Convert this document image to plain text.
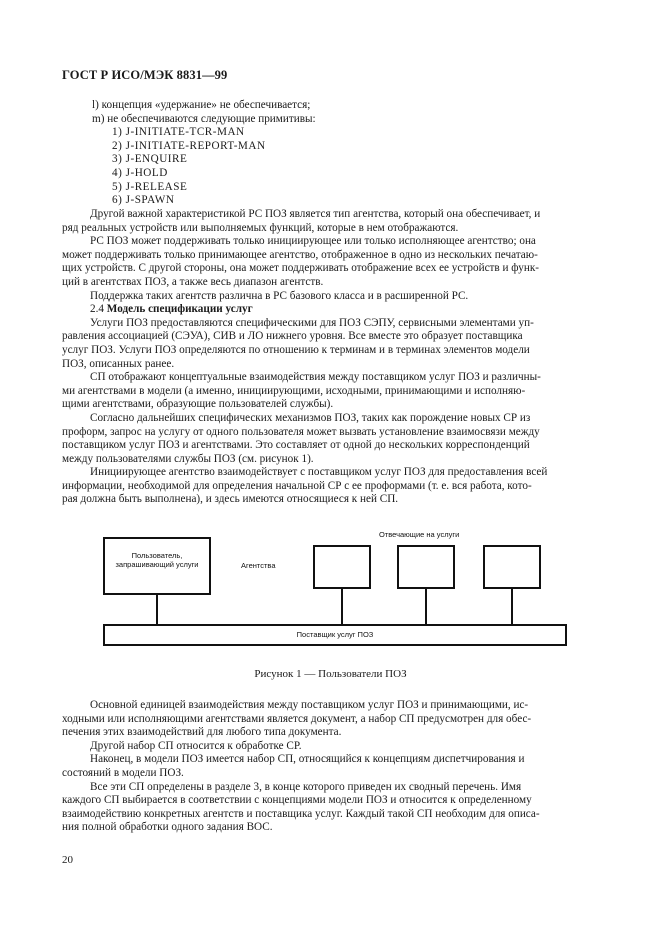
ГОСТ Р ИСО/МЭК 8831—99
l) концепция «удержание» не обеспечивается;
m) не обеспечиваются следующие примитивы:
1) J-INITIATE-TCR-MAN
2) J-INITIATE-REPORT-MAN
3) J-ENQUIRE
4) J-HOLD
5) J-RELEASE
6) J-SPAWN
Другой важной характеристикой РС ПОЗ является тип агентства, который она обеспечивает, и
ряд реальных устройств или выполняемых функций, которые в нем отображаются.
РС ПОЗ может поддерживать только инициирующее или только исполняющее агентство; она
может поддерживать только принимающее агентство, отображенное в одно из нескольких печатаю-
щих устройств. С другой стороны, она может поддерживать отображение всех ее устройств и функ-
ций в агентствах ПОЗ, а также весь диапазон агентств.
Поддержка таких агентств различна в РС базового класса и в расширенной РС.
2.4 Модель спецификации услуг
Услуги ПОЗ предоставляются специфическими для ПОЗ СЭПУ, сервисными элементами уп-
равления ассоциацией (СЭУА), СИВ и ЛО нижнего уровня. Все вместе это образует поставщика
услуг ПОЗ. Услуги ПОЗ определяются по отношению к терминам и в терминах элементов модели
ПОЗ, описанных ранее.
СП отображают концептуальные взаимодействия между поставщиком услуг ПОЗ и различны-
ми агентствами в модели (а именно, инициирующими, исходными, принимающими и исполняю-
щими агентствами, образующие пользователей службы).
Согласно дальнейших специфических механизмов ПОЗ, таких как порождение новых СР из
проформ, запрос на услугу от одного пользователя может вызвать установление взаимосвязи между
поставщиком услуг ПОЗ и агентствами. Это составляет от одной до нескольких корреспонденций
между пользователями службы ПОЗ (см. рисунок 1).
Инициирующее агентство взаимодействует с поставщиком услуг ПОЗ для предоставления всей
информации, необходимой для определения начальной СР с ее проформами (т. е. вся работа, кото-
рая должна быть выполнена), и здесь имеются относящиеся к ней СП.
Пользователь, запрашивающий услуги	Агентства
Отвечающие на услуги
Поставщик услуг ПОЗ
Рисунок 1 — Пользователи ПОЗ
Основной единицей взаимодействия между поставщиком услуг ПОЗ и принимающими, ис-
ходными или исполняющими агентствами является документ, а набор СП предусмотрен для обес-
печения этих взаимодействий для любого типа документа.
Другой набор СП относится к обработке СР.
Наконец, в модели ПОЗ имеется набор СП, относящийся к концепциям диспетчирования и
состояний в модели ПОЗ.
Все эти СП определены в разделе 3, в конце которого приведен их сводный перечень. Имя
каждого СП выбирается в соответствии с концепциями модели ПОЗ и относится к определенному
взаимодействию конкретных агентств и поставщика услуг. Каждый такой СП необходим для описа-
ния полной обработки одного задания ВОС.
20
